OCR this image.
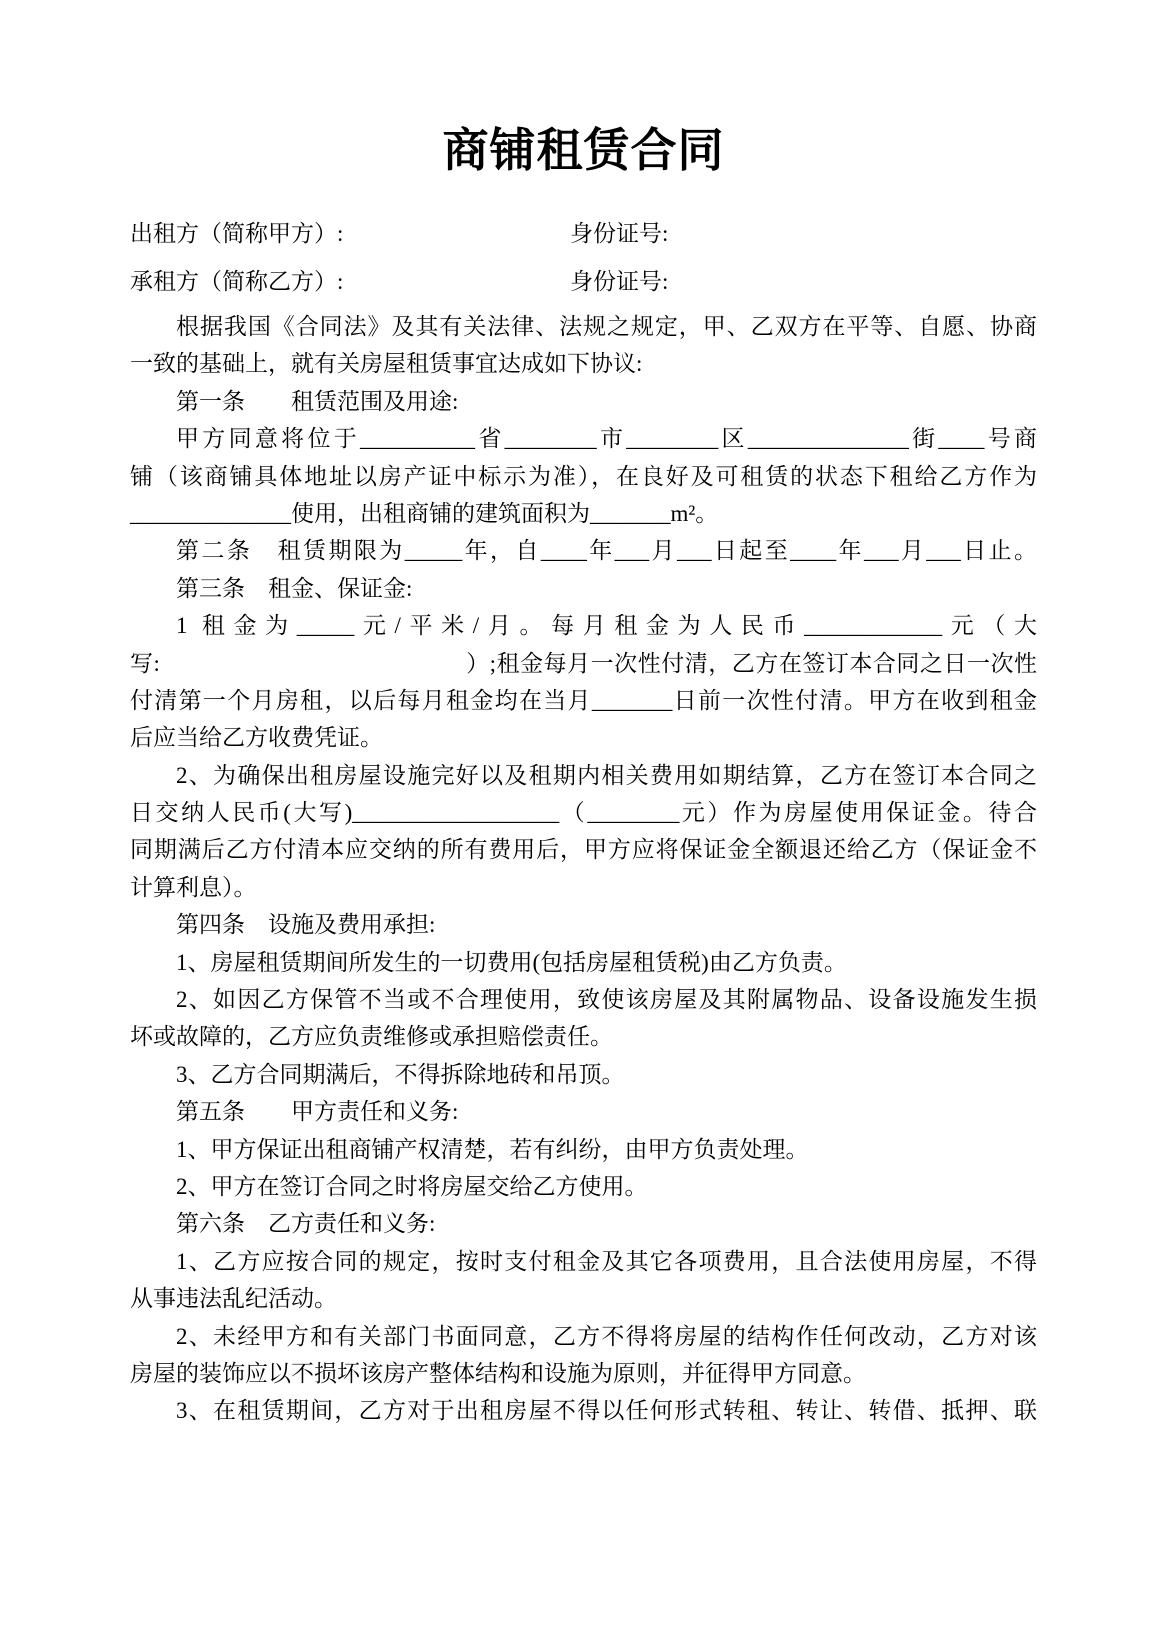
商铺租赁合同
出租方（简称甲方）:	身份证号:
承租方（简称乙方）:	身份证号:
根据我国《合同法》及其有关法律、法规之规定，甲、乙双方在平等、自愿、协商
一致的基础上，就有关房屋租赁事宜达成如下协议:
第一条　　租赁范围及用途:
甲方同意将位于__________省________市________区______________街____号商
铺（该商铺具体地址以房产证中标示为准），在良好及可租赁的状态下租给乙方作为
______________使用，出租商铺的建筑面积为_______m²。
第二条　租赁期限为_____年，自____年___月___日起至____年___月___日止。
第三条　租金、保证金:
1 租金为_____元/平米/月。每月租金为人民币____________元（大
写:　　　　　　　　　　　　　）;租金每月一次性付清，乙方在签订本合同之日一次性
付清第一个月房租，以后每月租金均在当月_______日前一次性付清。甲方在收到租金
后应当给乙方收费凭证。
2、为确保出租房屋设施完好以及租期内相关费用如期结算，乙方在签订本合同之
日交纳人民币(大写)__________________（________元）作为房屋使用保证金。待合
同期满后乙方付清本应交纳的所有费用后，甲方应将保证金全额退还给乙方（保证金不
计算利息）。
第四条　设施及费用承担:
1、房屋租赁期间所发生的一切费用(包括房屋租赁税)由乙方负责。
2、如因乙方保管不当或不合理使用，致使该房屋及其附属物品、设备设施发生损
坏或故障的，乙方应负责维修或承担赔偿责任。
3、乙方合同期满后，不得拆除地砖和吊顶。
第五条　　甲方责任和义务:
1、甲方保证出租商铺产权清楚，若有纠纷，由甲方负责处理。
2、甲方在签订合同之时将房屋交给乙方使用。
第六条　乙方责任和义务:
1、乙方应按合同的规定，按时支付租金及其它各项费用，且合法使用房屋，不得
从事违法乱纪活动。
2、未经甲方和有关部门书面同意，乙方不得将房屋的结构作任何改动，乙方对该
房屋的装饰应以不损坏该房产整体结构和设施为原则，并征得甲方同意。
3、在租赁期间，乙方对于出租房屋不得以任何形式转租、转让、转借、抵押、联
